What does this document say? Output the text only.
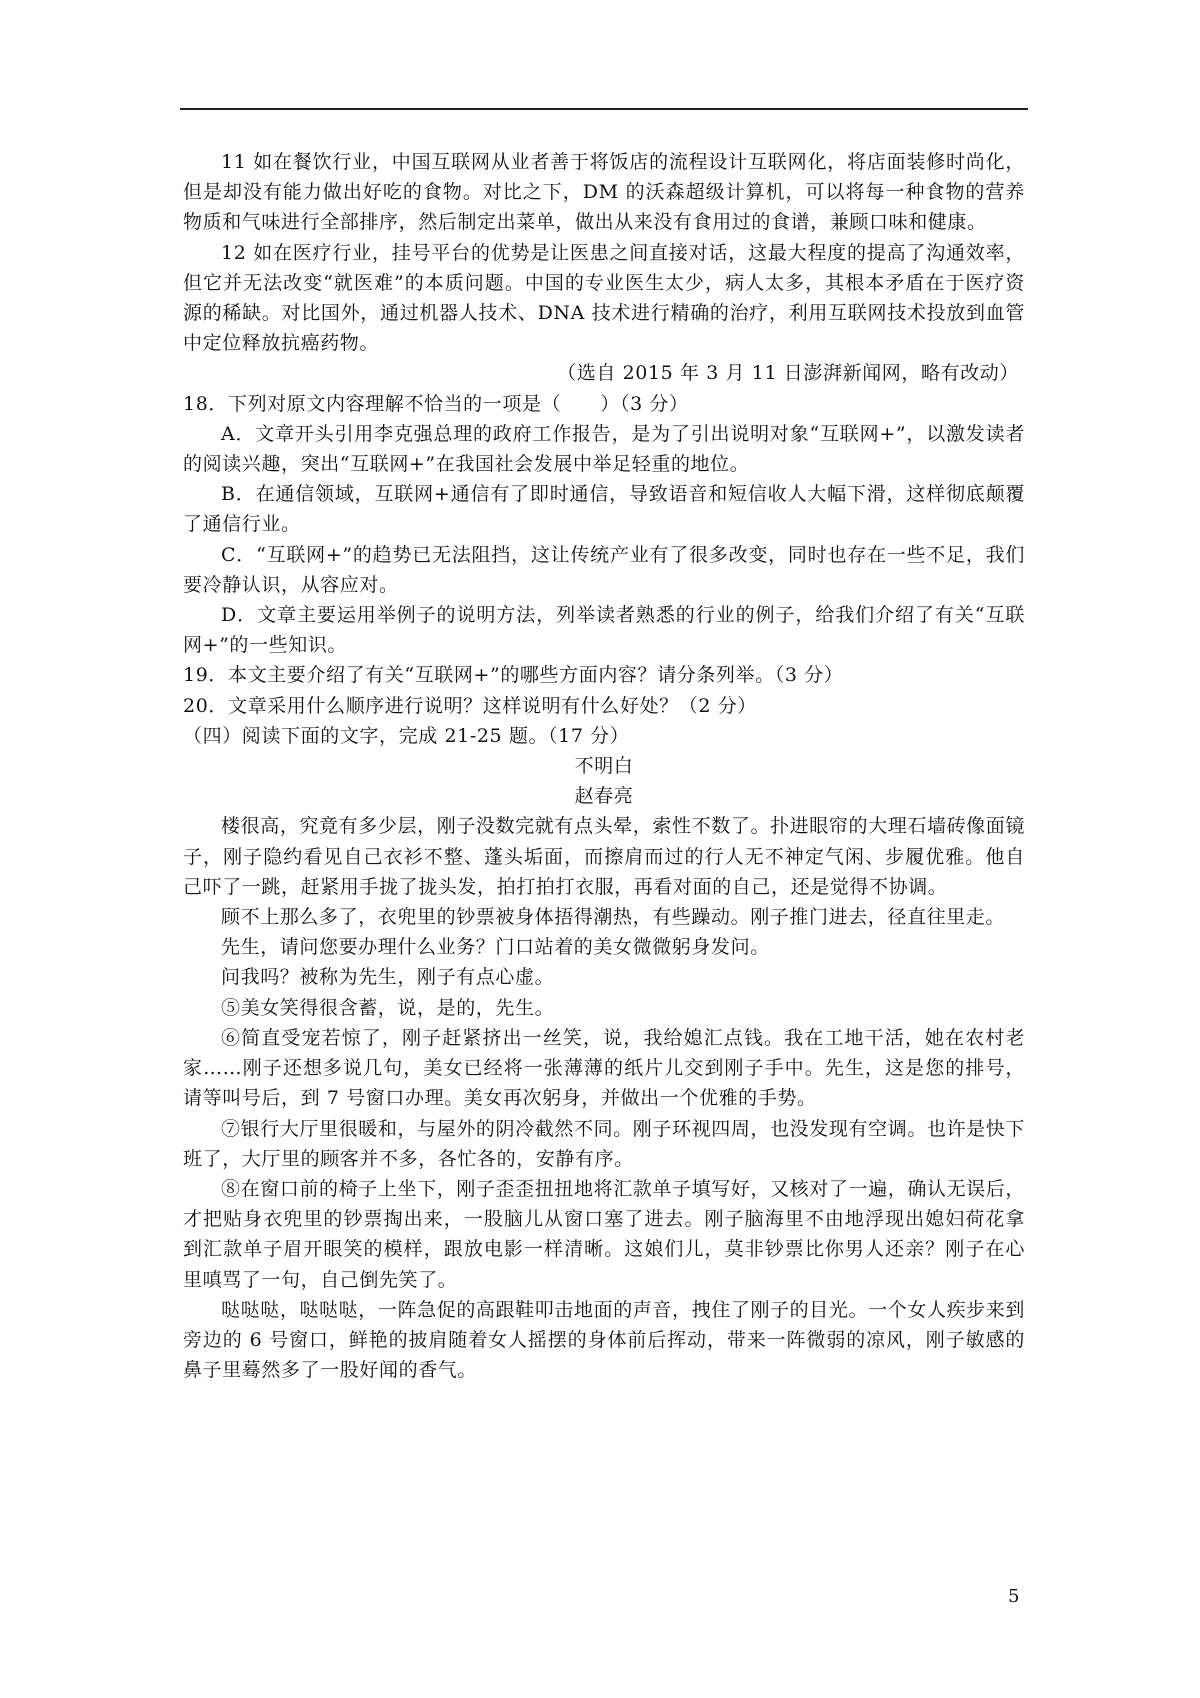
11 如在餐饮行业，中国互联网从业者善于将饭店的流程设计互联网化，将店面装修时尚化，但是却没有能力做出好吃的食物。对比之下，DM 的沃森超级计算机，可以将每一种食物的营养物质和气味进行全部排序，然后制定出菜单，做出从来没有食用过的食谱，兼顾口味和健康。

12 如在医疗行业，挂号平台的优势是让医患之间直接对话，这最大程度的提高了沟通效率，但它并无法改变“就医难”的本质问题。中国的专业医生太少，病人太多，其根本矛盾在于医疗资源的稀缺。对比国外，通过机器人技术、DNA 技术进行精确的治疗，利用互联网技术投放到血管中定位释放抗癌药物。

（选自 2015 年 3 月 11 日澎湃新闻网，略有改动）

18．下列对原文内容理解不恰当的一项是（　　）（3 分）

A．文章开头引用李克强总理的政府工作报告，是为了引出说明对象“互联网+”，以激发读者的阅读兴趣，突出“互联网+”在我国社会发展中举足轻重的地位。

B．在通信领域，互联网+通信有了即时通信，导致语音和短信收人大幅下滑，这样彻底颠覆了通信行业。

C．“互联网+”的趋势已无法阻挡，这让传统产业有了很多改变，同时也存在一些不足，我们要冷静认识，从容应对。

D．文章主要运用举例子的说明方法，列举读者熟悉的行业的例子，给我们介绍了有关“互联网+”的一些知识。

19．本文主要介绍了有关“互联网+”的哪些方面内容？请分条列举。（3 分）

20．文章采用什么顺序进行说明？这样说明有什么好处？（2 分）

（四）阅读下面的文字，完成 21-25 题。（17 分）

不明白

赵春亮

楼很高，究竟有多少层，刚子没数完就有点头晕，索性不数了。扑进眼帘的大理石墙砖像面镜子，刚子隐约看见自己衣衫不整、蓬头垢面，而擦肩而过的行人无不神定气闲、步履优雅。他自己吓了一跳，赶紧用手拢了拢头发，拍打拍打衣服，再看对面的自己，还是觉得不协调。

顾不上那么多了，衣兜里的钞票被身体捂得潮热，有些躁动。刚子推门进去，径直往里走。

先生，请问您要办理什么业务？门口站着的美女微微躬身发问。

问我吗？被称为先生，刚子有点心虚。

⑤美女笑得很含蓄，说，是的，先生。

⑥简直受宠若惊了，刚子赶紧挤出一丝笑，说，我给媳汇点钱。我在工地干活，她在农村老家……刚子还想多说几句，美女已经将一张薄薄的纸片儿交到刚子手中。先生，这是您的排号，请等叫号后，到 7 号窗口办理。美女再次躬身，并做出一个优雅的手势。

⑦银行大厅里很暖和，与屋外的阴冷截然不同。刚子环视四周，也没发现有空调。也许是快下班了，大厅里的顾客并不多，各忙各的，安静有序。

⑧在窗口前的椅子上坐下，刚子歪歪扭扭地将汇款单子填写好，又核对了一遍，确认无误后，才把贴身衣兜里的钞票掏出来，一股脑儿从窗口塞了进去。刚子脑海里不由地浮现出媳妇荷花拿到汇款单子眉开眼笑的模样，跟放电影一样清晰。这娘们儿，莫非钞票比你男人还亲？刚子在心里嗔骂了一句，自己倒先笑了。

哒哒哒，哒哒哒，一阵急促的高跟鞋叩击地面的声音，拽住了刚子的目光。一个女人疾步来到旁边的 6 号窗口，鲜艳的披肩随着女人摇摆的身体前后挥动，带来一阵微弱的凉风，刚子敏感的鼻子里蓦然多了一股好闻的香气。

5
